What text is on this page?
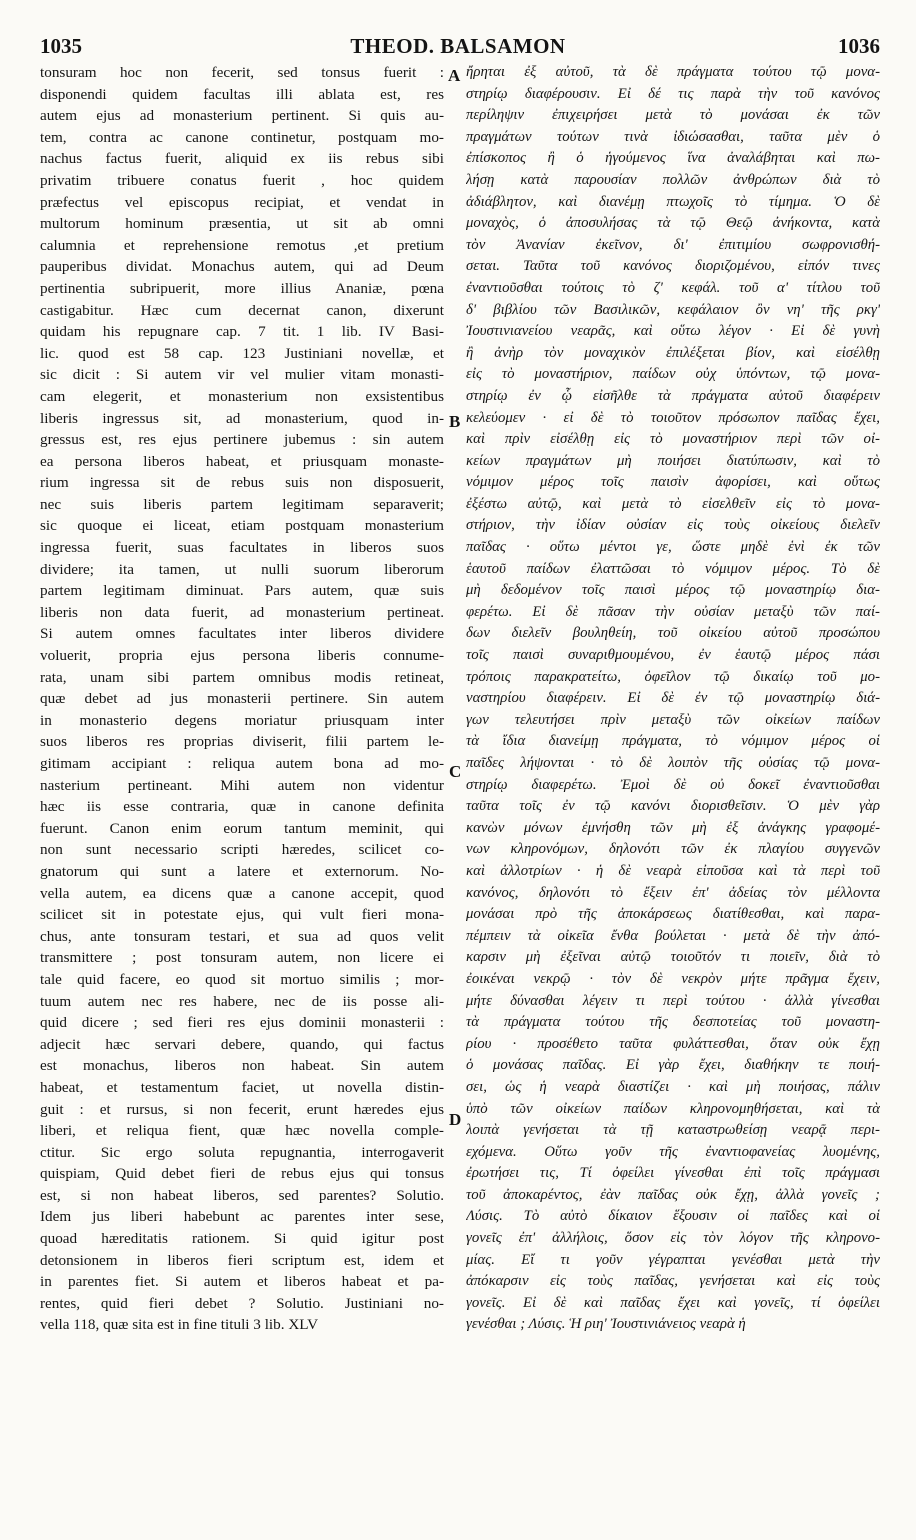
1035	THEOD. BALSAMON	1036
tonsuram hoc non fecerit, sed tonsus fuerit :
disponendi quidem facultas illi ablata est, res
autem ejus ad monasterium pertinent. Si quis au-
tem, contra ac canone continetur, postquam mo-
nachus factus fuerit, aliquid ex iis rebus sibi
privatim tribuere conatus fuerit , hoc quidem
præfectus vel episcopus recipiat, et vendat in
multorum hominum præsentia, ut sit ab omni
calumnia et reprehensione remotus ,et pretium
pauperibus dividat. Monachus autem, qui ad Deum
pertinentia subripuerit, more illius Ananiæ, pœna
castigabitur. Hæc cum decernat canon, dixerunt
quidam his repugnare cap. 7 tit. 1 lib. IV Basi-
lic. quod est 58 cap. 123 Justiniani novellæ, et
sic dicit : Si autem vir vel mulier vitam monasti-
cam elegerit, et monasterium non exsistentibus
liberis ingressus sit, ad monasterium, quod in-
gressus est, res ejus pertinere jubemus : sin autem
ea persona liberos habeat, et priusquam monaste-
rium ingressa sit de rebus suis non disposuerit,
nec suis liberis partem legitimam separaverit;
sic quoque ei liceat, etiam postquam monasterium
ingressa fuerit, suas facultates in liberos suos
dividere; ita tamen, ut nulli suorum liberorum
partem legitimam diminuat. Pars autem, quæ suis
liberis non data fuerit, ad monasterium pertineat.
Si autem omnes facultates inter liberos dividere
voluerit, propria ejus persona liberis connume-
rata, unam sibi partem omnibus modis retineat,
quæ debet ad jus monasterii pertinere. Sin autem
in monasterio degens moriatur priusquam inter
suos liberos res proprias diviserit, filii partem le-
gitimam accipiant : reliqua autem bona ad mo-
nasterium pertineant. Mihi autem non videntur
hæc iis esse contraria, quæ in canone definita
fuerunt. Canon enim eorum tantum meminit, qui
non sunt necessario scripti hæredes, scilicet co-
gnatorum qui sunt a latere et externorum. No-
vella autem, ea dicens quæ a canone accepit, quod
scilicet sit in potestate ejus, qui vult fieri mona-
chus, ante tonsuram testari, et sua ad quos velit
transmittere ; post tonsuram autem, non licere ei
tale quid facere, eo quod sit mortuo similis ; mor-
tuum autem nec res habere, nec de iis posse ali-
quid dicere ; sed fieri res ejus dominii monasterii :
adjecit hæc servari debere, quando, qui factus
est monachus, liberos non habeat. Sin autem
habeat, et testamentum faciet, ut novella distin-
guit : et rursus, si non fecerit, erunt hæredes ejus
liberi, et reliqua fient, quæ hæc novella comple-
ctitur. Sic ergo soluta repugnantia, interrogaverit
quispiam, Quid debet fieri de rebus ejus qui tonsus
est, si non habeat liberos, sed parentes? Solutio.
Idem jus liberi habebunt ac parentes inter sese,
quoad hæreditatis rationem. Si quid igitur post
detonsionem in liberos fieri scriptum est, idem et
in parentes fiet. Si autem et liberos habeat et pa-
rentes, quid fieri debet ? Solutio. Justiniani no-
vella 118, quæ sita est in fine tituli 3 lib. XLV
ἤρηται ἐξ αὐτοῦ, τὰ δὲ πράγματα τούτου τῷ μονα-
στηρίῳ διαφέρουσιν. Εἰ δέ τις παρὰ τὴν τοῦ κανόνος
περίληψιν ἐπιχειρήσει μετὰ τὸ μονάσαι ἐκ τῶν
πραγμάτων τούτων τινὰ ἰδιώσασθαι, ταῦτα μὲν ὁ
ἐπίσκοπος ἢ ὁ ἡγούμενος ἵνα ἀναλάβηται καὶ πω-
λήσῃ κατὰ παρουσίαν πολλῶν ἀνθρώπων διὰ τὸ
ἀδιάβλητον, καὶ διανέμῃ πτωχοῖς τὸ τίμημα. Ὁ δὲ
μοναχὸς, ὁ ἀποσυλήσας τὰ τῷ Θεῷ ἀνήκοντα, κατὰ
τὸν Ἀνανίαν ἐκεῖνον, δι' ἐπιτιμίου σωφρονισθή-
σεται. Ταῦτα τοῦ κανόνος διοριζομένου, εἰπόν τινες
ἐναντιοῦσθαι τούτοις τὸ ζ' κεφάλ. τοῦ α' τίτλου τοῦ
δ' βιβλίου τῶν Βασιλικῶν, κεφάλαιον ὂν νη' τῆς ρκγ'
Ἰουστινιανείου νεαρᾶς, καὶ οὕτω λέγον · Εἰ δὲ γυνὴ
ἢ ἀνὴρ τὸν μοναχικὸν ἐπιλέξεται βίον, καὶ εἰσέλθῃ
εἰς τὸ μοναστήριον, παίδων οὐχ ὑπόντων, τῷ μονα-
στηρίῳ ἐν ᾧ εἰσῆλθε τὰ πράγματα αὐτοῦ διαφέρειν
κελεύομεν · εἰ δὲ τὸ τοιοῦτον πρόσωπον παῖδας ἔχει,
καὶ πρὶν εἰσέλθῃ εἰς τὸ μοναστήριον περὶ τῶν οἰ-
κείων πραγμάτων μὴ ποιήσει διατύπωσιν, καὶ τὸ
νόμιμον μέρος τοῖς παισὶν ἀφορίσει, καὶ οὕτως
ἐξέστω αὐτῷ, καὶ μετὰ τὸ εἰσελθεῖν εἰς τὸ μονα-
στήριον, τὴν ἰδίαν οὐσίαν εἰς τοὺς οἰκείους διελεῖν
παῖδας · οὕτω μέντοι γε, ὥστε μηδὲ ἑνὶ ἐκ τῶν
ἑαυτοῦ παίδων ἐλαττῶσαι τὸ νόμιμον μέρος. Τὸ δὲ
μὴ δεδομένον τοῖς παισὶ μέρος τῷ μοναστηρίῳ δια-
φερέτω. Εἰ δὲ πᾶσαν τὴν οὐσίαν μεταξὺ τῶν παί-
δων διελεῖν βουληθείη, τοῦ οἰκείου αὐτοῦ προσώπου
τοῖς παισὶ συναριθμουμένου, ἐν ἑαυτῷ μέρος πάσι
τρόποις παρακρατείτω, ὀφεῖλον τῷ δικαίῳ τοῦ μο-
ναστηρίου διαφέρειν. Εἰ δὲ ἐν τῷ μοναστηρίῳ διά-
γων τελευτήσει πρὶν μεταξὺ τῶν οἰκείων παίδων
τὰ ἴδια διανείμῃ πράγματα, τὸ νόμιμον μέρος οἱ
παῖδες λήψονται · τὸ δὲ λοιπὸν τῆς οὐσίας τῷ μονα-
στηρίῳ διαφερέτω. Ἐμοὶ δὲ οὐ δοκεῖ ἐναντιοῦσθαι
ταῦτα τοῖς ἐν τῷ κανόνι διορισθεῖσιν. Ὁ μὲν γὰρ
κανὼν μόνων ἐμνήσθη τῶν μὴ ἐξ ἀνάγκης γραφομέ-
νων κληρονόμων, δηλονότι τῶν ἐκ πλαγίου συγγενῶν
καὶ ἀλλοτρίων · ἡ δὲ νεαρὰ εἰποῦσα καὶ τὰ περὶ τοῦ
κανόνος, δηλονότι τὸ ἔξειν ἐπ' ἀδείας τὸν μέλλοντα
μονάσαι πρὸ τῆς ἀποκάρσεως διατίθεσθαι, καὶ παρα-
πέμπειν τὰ οἰκεῖα ἔνθα βούλεται · μετὰ δὲ τὴν ἀπό-
καρσιν μὴ ἐξεῖναι αὐτῷ τοιοῦτόν τι ποιεῖν, διὰ τὸ
ἐοικέναι νεκρῷ · τὸν δὲ νεκρὸν μήτε πρᾶγμα ἔχειν,
μήτε δύνασθαι λέγειν τι περὶ τούτου · ἀλλὰ γίνεσθαι
τὰ πράγματα τούτου τῆς δεσποτείας τοῦ μοναστη-
ρίου · προσέθετο ταῦτα φυλάττεσθαι, ὅταν οὐκ ἔχῃ
ὁ μονάσας παῖδας. Εἰ γὰρ ἔχει, διαθήκην τε ποιή-
σει, ὡς ἡ νεαρὰ διαστίζει · καὶ μὴ ποιήσας, πάλιν
ὑπὸ τῶν οἰκείων παίδων κληρονομηθήσεται, καὶ τὰ
λοιπὰ γενήσεται τὰ τῇ καταστρωθείσῃ νεαρᾷ περι-
εχόμενα. Οὕτω γοῦν τῆς ἐναντιοφανείας λυομένης,
ἐρωτήσει τις, Τί ὀφείλει γίνεσθαι ἐπὶ τοῖς πράγμασι
τοῦ ἀποκαρέντος, ἐὰν παῖδας οὐκ ἔχῃ, ἀλλὰ γονεῖς ;
Λύσις. Τὸ αὐτὸ δίκαιον ἕξουσιν οἱ παῖδες καὶ οἱ
γονεῖς ἐπ' ἀλλήλοις, ὅσον εἰς τὸν λόγον τῆς κληρονο-
μίας. Εἴ τι γοῦν γέγραπται γενέσθαι μετὰ τὴν
ἀπόκαρσιν εἰς τοὺς παῖδας, γενήσεται καὶ εἰς τοὺς
γονεῖς. Εἰ δὲ καὶ παῖδας ἔχει καὶ γονεῖς, τί ὀφείλει
γενέσθαι ; Λύσις. Ἡ ριη' Ἰουστινιάνειος νεαρὰ ἡ
A
B
C
D
